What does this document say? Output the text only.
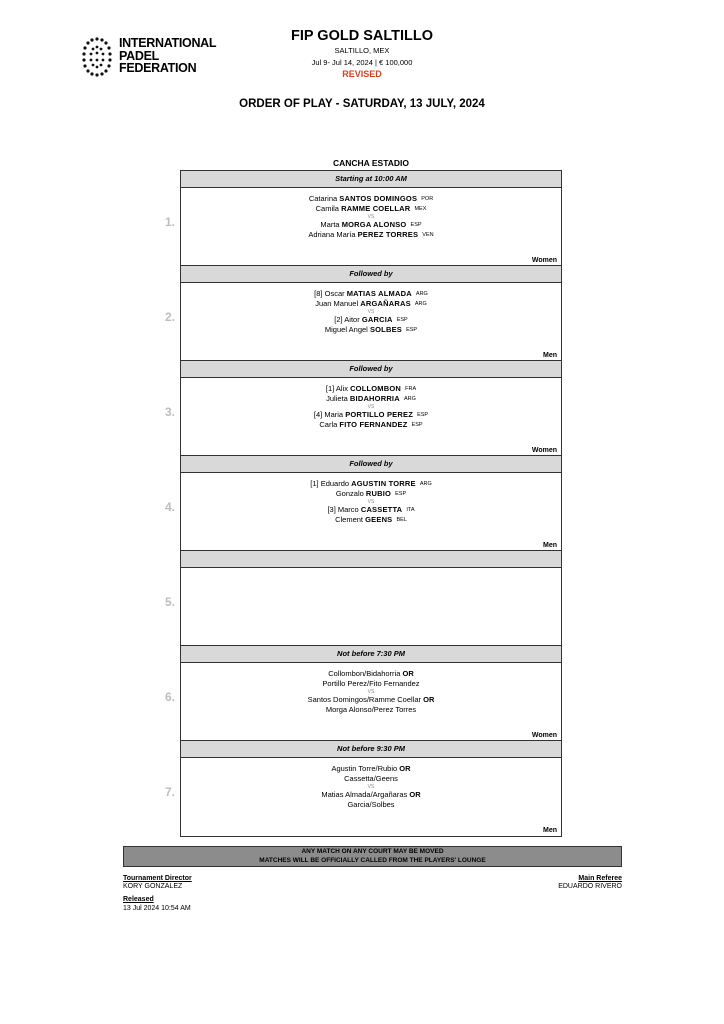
INTERNATIONAL
PADEL
FEDERATION
FIP GOLD SALTILLO
SALTILLO, MEX
Jul 9- Jul 14, 2024 | € 100,000
REVISED
ORDER OF PLAY - SATURDAY, 13 JULY, 2024
CANCHA ESTADIO
Starting at 10:00 AM
Catarina SANTOS DOMINGOS $^{POR}$
Camila RAMME COELLAR $^{MEX}$
VS
Marta MORGA ALONSO $^{ESP}$
Adriana María PEREZ TORRES $^{VEN}$
Women
Followed by
[8] Oscar MATIAS ALMADA $^{ARG}$
Juan Manuel ARGAÑARAS $^{ARG}$
VS
[2] Aitor GARCIA $^{ESP}$
Miguel Angel SOLBES $^{ESP}$
Men
Followed by
[1] Alix COLLOMBON $^{FRA}$
Julieta BIDAHORRIA $^{ARG}$
VS
[4] Maria PORTILLO PEREZ $^{ESP}$
Carla FITO FERNANDEZ $^{ESP}$
Women
Followed by
[1] Eduardo AGUSTIN TORRE $^{ARG}$
Gonzalo RUBIO $^{ESP}$
VS
[3] Marco CASSETTA $^{ITA}$
Clement GEENS $^{BEL}$
Men
Not before 7:30 PM
Collombon/Bidahorria OR
Portillo Perez/Fito Fernandez
VS
Santos Domingos/Ramme Coellar OR
Morga Alonso/Perez Torres
Women
Not before 9:30 PM
Agustin Torre/Rubio OR
Cassetta/Geens
VS
Matias Almada/Argañaras OR
Garcia/Solbes
Men
1.
2.
3.
4.
5.
6.
7.
ANY MATCH ON ANY COURT MAY BE MOVED
MATCHES WILL BE OFFICIALLY CALLED FROM THE PLAYERS' LOUNGE
Tournament Director
KORY GONZALEZ
Released
13 Jul 2024 10:54 AM
Main Referee
EDUARDO RIVERO
